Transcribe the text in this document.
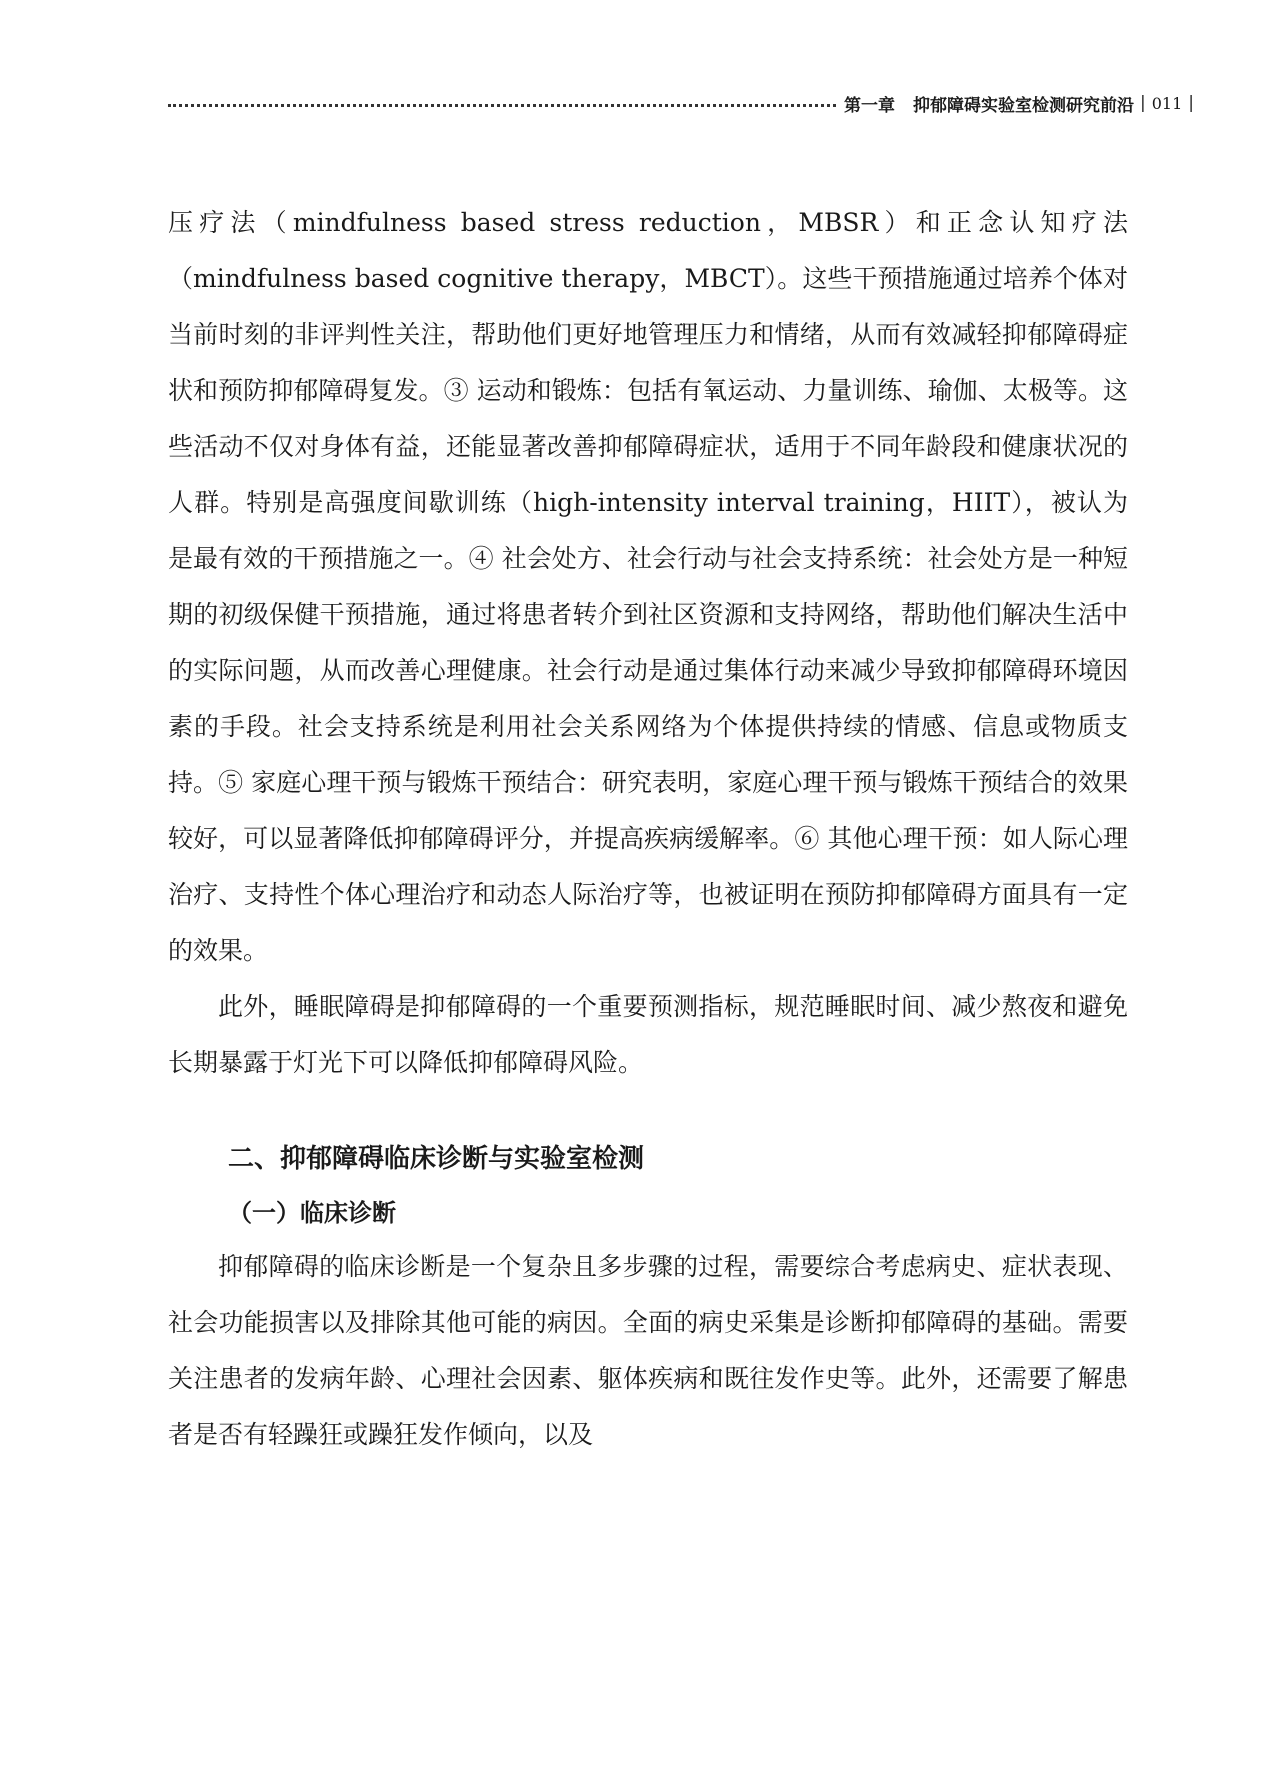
第一章 抑郁障碍实验室检测研究前沿 | 011 |

压疗法（mindfulness based stress reduction，MBSR）和正念认知疗法（mindfulness based cognitive therapy，MBCT）。这些干预措施通过培养个体对当前时刻的非评判性关注，帮助他们更好地管理压力和情绪，从而有效减轻抑郁障碍症状和预防抑郁障碍复发。③ 运动和锻炼：包括有氧运动、力量训练、瑜伽、太极等。这些活动不仅对身体有益，还能显著改善抑郁障碍症状，适用于不同年龄段和健康状况的人群。特别是高强度间歇训练（high-intensity interval training，HIIT），被认为是最有效的干预措施之一。④ 社会处方、社会行动与社会支持系统：社会处方是一种短期的初级保健干预措施，通过将患者转介到社区资源和支持网络，帮助他们解决生活中的实际问题，从而改善心理健康。社会行动是通过集体行动来减少导致抑郁障碍环境因素的手段。社会支持系统是利用社会关系网络为个体提供持续的情感、信息或物质支持。⑤ 家庭心理干预与锻炼干预结合：研究表明，家庭心理干预与锻炼干预结合的效果较好，可以显著降低抑郁障碍评分，并提高疾病缓解率。⑥ 其他心理干预：如人际心理治疗、支持性个体心理治疗和动态人际治疗等，也被证明在预防抑郁障碍方面具有一定的效果。

此外，睡眠障碍是抑郁障碍的一个重要预测指标，规范睡眠时间、减少熬夜和避免长期暴露于灯光下可以降低抑郁障碍风险。

二、抑郁障碍临床诊断与实验室检测
（一）临床诊断

抑郁障碍的临床诊断是一个复杂且多步骤的过程，需要综合考虑病史、症状表现、社会功能损害以及排除其他可能的病因。全面的病史采集是诊断抑郁障碍的基础。需要关注患者的发病年龄、心理社会因素、躯体疾病和既往发作史等。此外，还需要了解患者是否有轻躁狂或躁狂发作倾向，以及
